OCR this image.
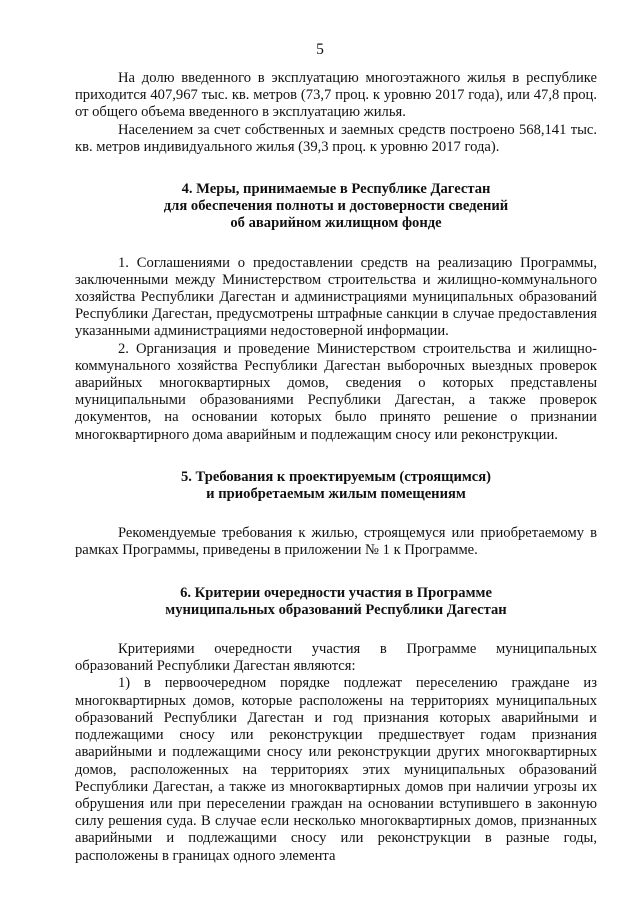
5

На долю введенного в эксплуатацию многоэтажного жилья в республике приходится 407,967 тыс. кв. метров (73,7 проц. к уровню 2017 года), или 47,8 проц. от общего объема введенного в эксплуатацию жилья.

Населением за счет собственных и заемных средств построено 568,141 тыс. кв. метров индивидуального жилья (39,3 проц. к уровню 2017 года).

4. Меры, принимаемые в Республике Дагестан
для обеспечения полноты и достоверности сведений
об аварийном жилищном фонде

1. Соглашениями о предоставлении средств на реализацию Программы, заключенными между Министерством строительства и жилищно-коммунального хозяйства Республики Дагестан и администрациями муниципальных образований Республики Дагестан, предусмотрены штрафные санкции в случае предоставления указанными администрациями недостоверной информации.

2. Организация и проведение Министерством строительства и жилищно-коммунального хозяйства Республики Дагестан выборочных выездных проверок аварийных многоквартирных домов, сведения о которых представлены муниципальными образованиями Республики Дагестан, а также проверок документов, на основании которых было принято решение о признании многоквартирного дома аварийным и подлежащим сносу или реконструкции.

5. Требования к проектируемым (строящимся)
и приобретаемым жилым помещениям

Рекомендуемые требования к жилью, строящемуся или приобретаемому в рамках Программы, приведены в приложении № 1 к Программе.

6. Критерии очередности участия в Программе
муниципальных образований Республики Дагестан

Критериями очередности участия в Программе муниципальных образований Республики Дагестан являются:

1) в первоочередном порядке подлежат переселению граждане из многоквартирных домов, которые расположены на территориях муниципальных образований Республики Дагестан и год признания которых аварийными и подлежащими сносу или реконструкции предшествует годам признания аварийными и подлежащими сносу или реконструкции других многоквартирных домов, расположенных на территориях этих муниципальных образований Республики Дагестан, а также из многоквартирных домов при наличии угрозы их обрушения или при переселении граждан на основании вступившего в законную силу решения суда. В случае если несколько многоквартирных домов, признанных аварийными и подлежащими сносу или реконструкции в разные годы, расположены в границах одного элемента
